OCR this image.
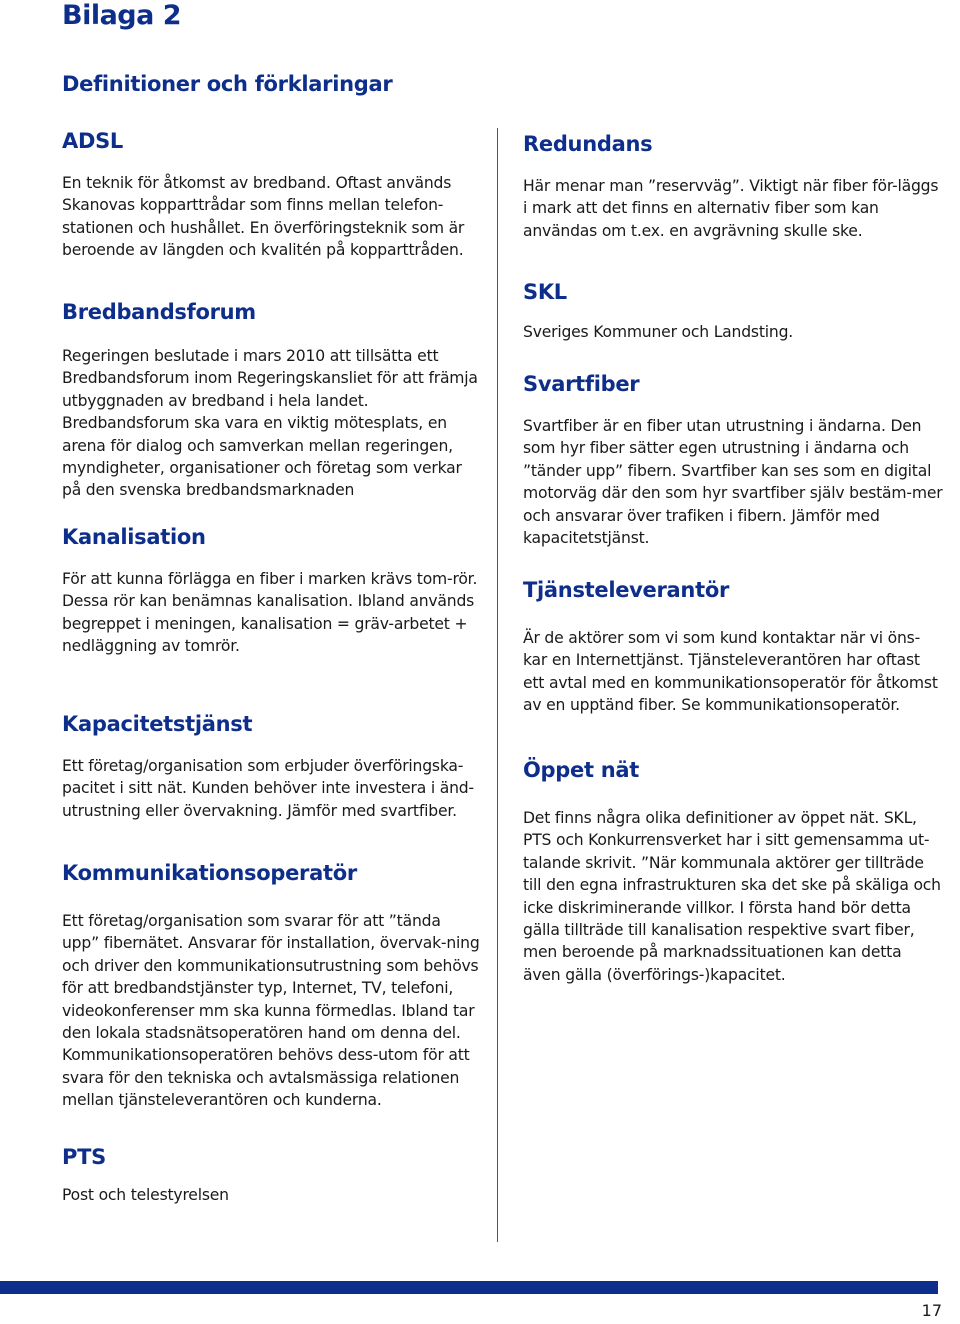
Bilaga 2
Definitioner och förklaringar
ADSL

En teknik för åtkomst av bredband. Oftast används Skanovas kopparttrådar som finns mellan telefon-stationen och hushållet. En överföringsteknik som är beroende av längden och kvalitén på kopparttråden.

Bredbandsforum

Regeringen beslutade i mars 2010 att tillsätta ett Bredbandsforum inom Regeringskansliet för att främja utbyggnaden av bredband i hela landet. Bredbandsforum ska vara en viktig mötesplats, en arena för dialog och samverkan mellan regeringen, myndigheter, organisationer och företag som verkar på den svenska bredbandsmarknaden

Kanalisation

För att kunna förlägga en fiber i marken krävs tom-rör. Dessa rör kan benämnas kanalisation. Ibland används begreppet i meningen, kanalisation = gräv-arbetet + nedläggning av tomrör.

Kapacitetstjänst

Ett företag/organisation som erbjuder överföringska-pacitet i sitt nät. Kunden behöver inte investera i änd-utrustning eller övervakning. Jämför med svartfiber.

Kommunikationsoperatör

Ett företag/organisation som svarar för att ”tända upp” fibernätet. Ansvarar för installation, övervak-ning och driver den kommunikationsutrustning som behövs för att bredbandstjänster typ, Internet, TV, telefoni, videokonferenser mm ska kunna förmedlas. Ibland tar den lokala stadsnätsoperatören hand om denna del. Kommunikationsoperatören behövs dess-utom för att svara för den tekniska och avtalsmässiga relationen mellan tjänsteleverantören och kunderna.

PTS

Post och telestyrelsen

Redundans

Här menar man ”reservväg”. Viktigt när fiber för-läggs i mark att det finns en alternativ fiber som kan användas om t.ex. en avgrävning skulle ske.

SKL

Sveriges Kommuner och Landsting.

Svartfiber

Svartfiber är en fiber utan utrustning i ändarna. Den som hyr fiber sätter egen utrustning i ändarna och ”tänder upp” fibern. Svartfiber kan ses som en digital motorväg där den som hyr svartfiber själv bestäm-mer och ansvarar över trafiken i fibern. Jämför med kapacitetstjänst.

Tjänsteleverantör

Är de aktörer som vi som kund kontaktar när vi öns-kar en Internettjänst. Tjänsteleverantören har oftast ett avtal med en kommunikationsoperatör för åtkomst av en upptänd fiber. Se kommunikationsoperatör.

Öppet nät

Det finns några olika definitioner av öppet nät. SKL, PTS och Konkurrensverket har i sitt gemensamma ut-talande skrivit. ”När kommunala aktörer ger tillträde till den egna infrastrukturen ska det ske på skäliga och icke diskriminerande villkor. I första hand bör detta gälla tillträde till kanalisation respektive svart fiber, men beroende på marknadssituationen kan detta även gälla (överförings-)kapacitet.

17
